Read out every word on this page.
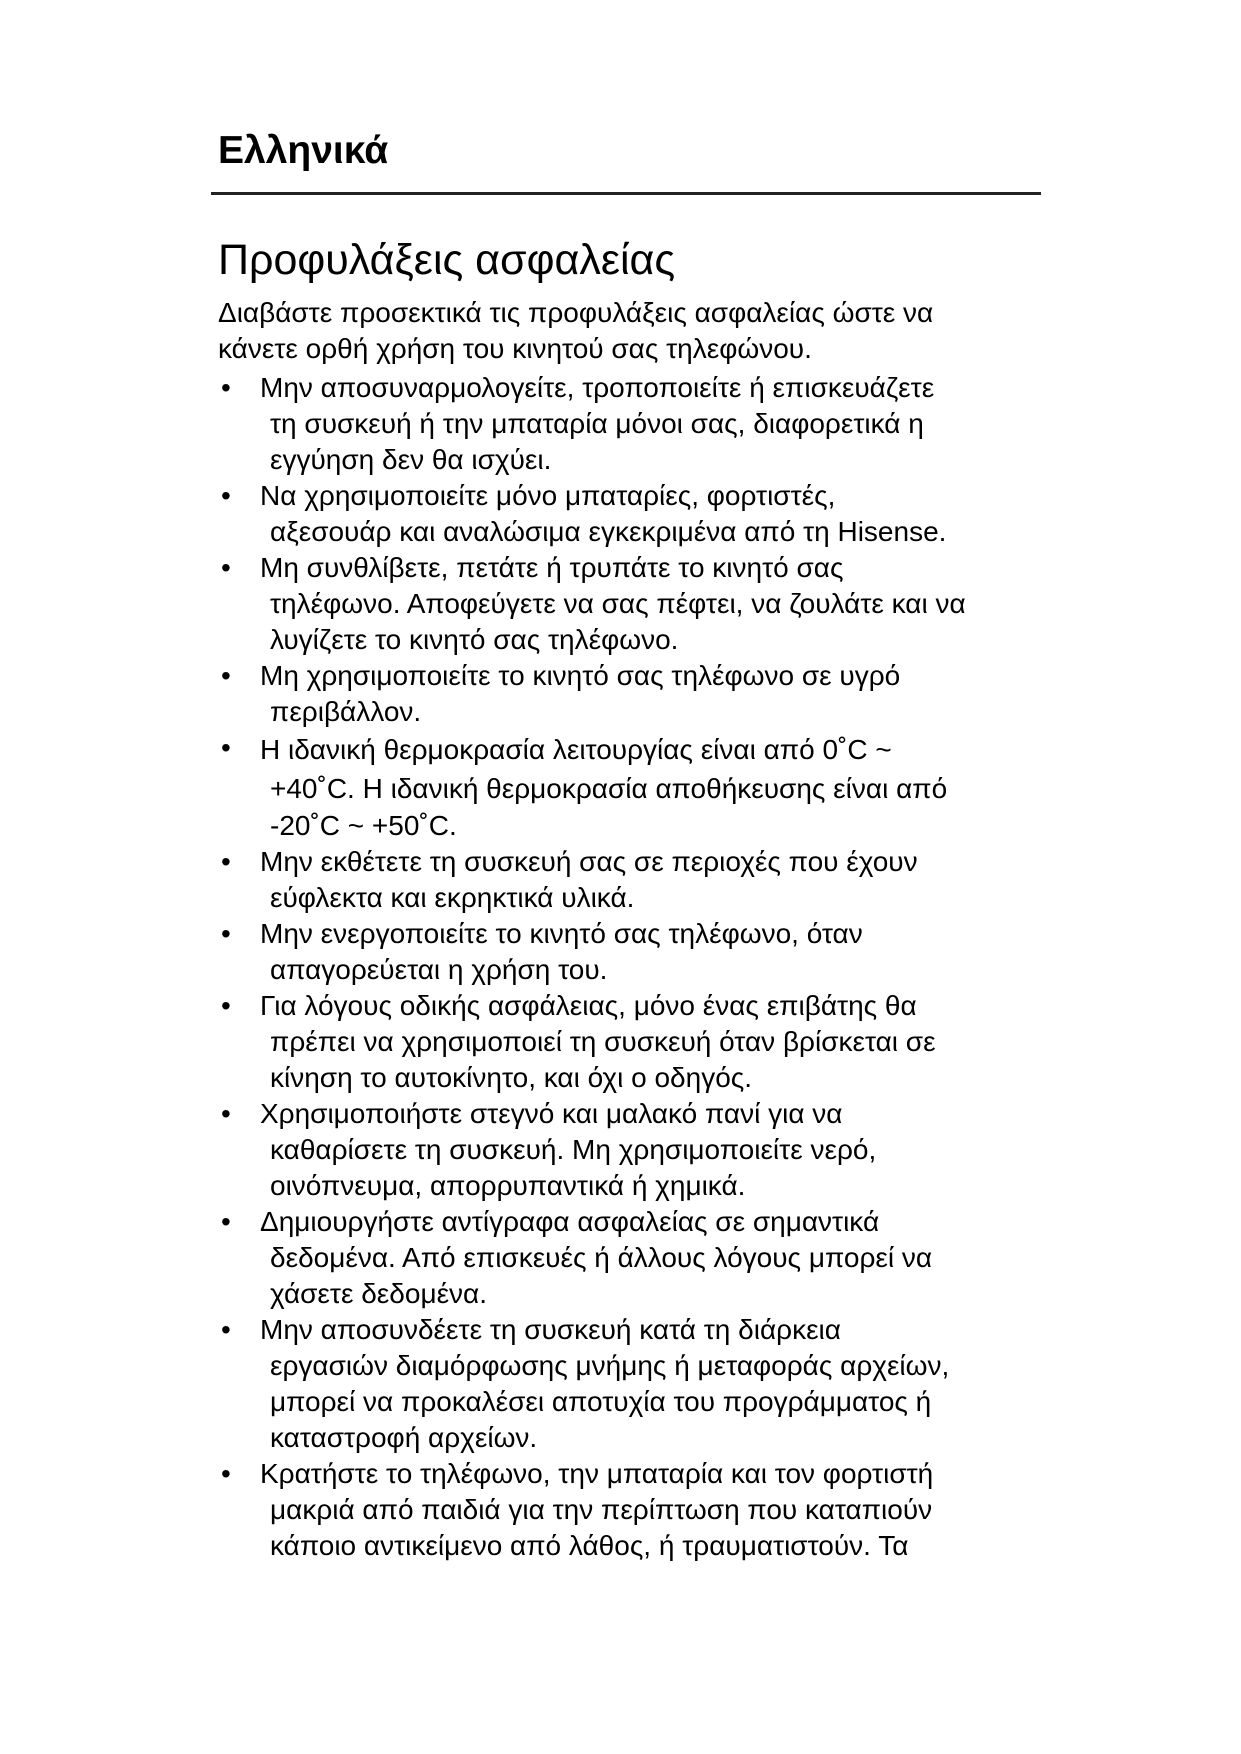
Ελληνικά
Προφυλάξεις ασφαλείας

Διαβάστε προσεκτικά τις προφυλάξεις ασφαλείας ώστε να
κάνετε ορθή χρήση του κινητού σας τηλεφώνου.

• Μην αποσυναρμολογείτε, τροποποιείτε ή επισκευάζετε
τη συσκευή ή την μπαταρία μόνοι σας, διαφορετικά η
εγγύηση δεν θα ισχύει.
• Να χρησιμοποιείτε μόνο μπαταρίες, φορτιστές,
αξεσουάρ και αναλώσιμα εγκεκριμένα από τη Hisense.
• Μη συνθλίβετε, πετάτε ή τρυπάτε το κινητό σας
τηλέφωνο. Αποφεύγετε να σας πέφτει, να ζουλάτε και να
λυγίζετε το κινητό σας τηλέφωνο.
• Μη χρησιμοποιείτε το κινητό σας τηλέφωνο σε υγρό
περιβάλλον.
• Η ιδανική θερμοκρασία λειτουργίας είναι από 0˚C ~
+40˚C. Η ιδανική θερμοκρασία αποθήκευσης είναι από
-20˚C ~ +50˚C.
• Μην εκθέτετε τη συσκευή σας σε περιοχές που έχουν
εύφλεκτα και εκρηκτικά υλικά.
• Μην ενεργοποιείτε το κινητό σας τηλέφωνο, όταν
απαγορεύεται η χρήση του.
• Για λόγους οδικής ασφάλειας, μόνο ένας επιβάτης θα
πρέπει να χρησιμοποιεί τη συσκευή όταν βρίσκεται σε
κίνηση το αυτοκίνητο, και όχι ο οδηγός.
• Χρησιμοποιήστε στεγνό και μαλακό πανί για να
καθαρίσετε τη συσκευή. Μη χρησιμοποιείτε νερό,
οινόπνευμα, απορρυπαντικά ή χημικά.
• Δημιουργήστε αντίγραφα ασφαλείας σε σημαντικά
δεδομένα. Από επισκευές ή άλλους λόγους μπορεί να
χάσετε δεδομένα.
• Μην αποσυνδέετε τη συσκευή κατά τη διάρκεια
εργασιών διαμόρφωσης μνήμης ή μεταφοράς αρχείων,
μπορεί να προκαλέσει αποτυχία του προγράμματος ή
καταστροφή αρχείων.
• Κρατήστε το τηλέφωνο, την μπαταρία και τον φορτιστή
μακριά από παιδιά για την περίπτωση που καταπιούν
κάποιο αντικείμενο από λάθος, ή τραυματιστούν. Τα
